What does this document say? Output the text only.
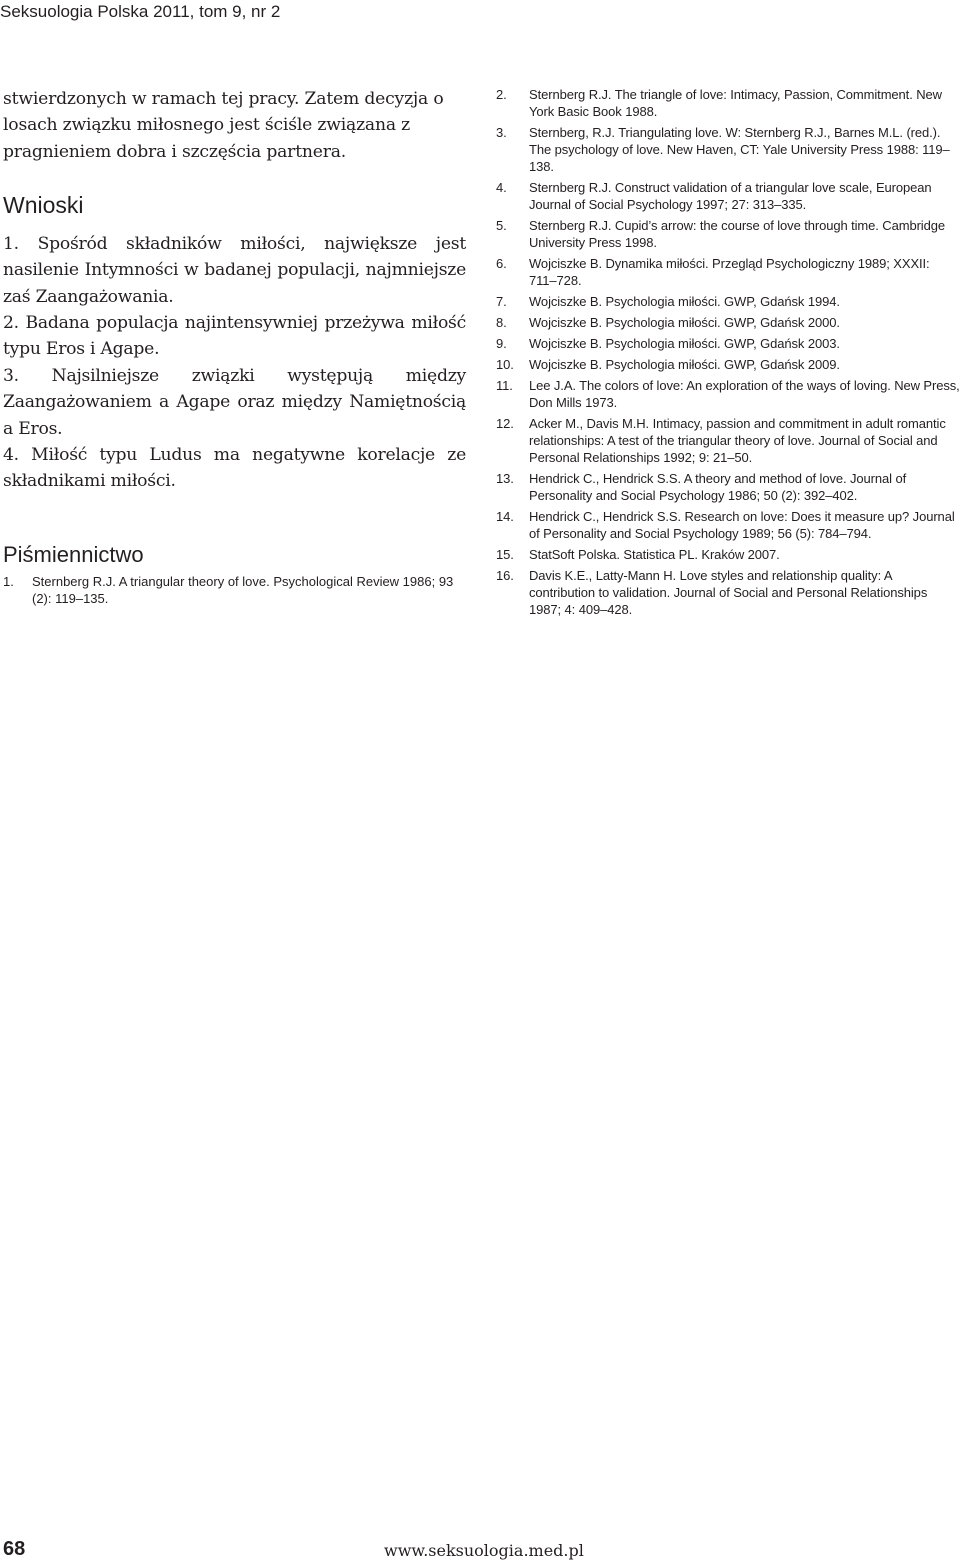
Seksuologia Polska 2011, tom 9, nr 2

stwierdzonych w ramach tej pracy. Zatem decyzja o losach związku miłosnego jest ściśle związana z pragnieniem dobra i szczęścia partnera.

Wnioski
1. Spośród składników miłości, największe jest nasilenie Intymności w badanej populacji, najmniejsze zaś Zaangażowania.
2. Badana populacja najintensywniej przeżywa miłość typu Eros i Agape.
3. Najsilniejsze związki występują między Zaangażowaniem a Agape oraz między Namiętnością a Eros.
4. Miłość typu Ludus ma negatywne korelacje ze składnikami miłości.
Piśmiennictwo
1.	Sternberg R.J. A triangular theory of love. Psychological Review 1986; 93 (2): 119–135.
2.	Sternberg R.J. The triangle of love: Intimacy, Passion, Commitment. New York Basic Book 1988.
3.	Sternberg, R.J. Triangulating love. W: Sternberg R.J., Barnes M.L. (red.). The psychology of love. New Haven, CT: Yale University Press 1988: 119–138.
4.	Sternberg R.J. Construct validation of a triangular love scale, European Journal of Social Psychology 1997; 27: 313–335.
5.	Sternberg R.J. Cupid’s arrow: the course of love through time. Cambridge University Press 1998.
6.	Wojciszke B. Dynamika miłości. Przegląd Psychologiczny 1989; XXXII: 711–728.
7.	Wojciszke B. Psychologia miłości. GWP, Gdańsk 1994.
8.	Wojciszke B. Psychologia miłości. GWP, Gdańsk 2000.
9.	Wojciszke B. Psychologia miłości. GWP, Gdańsk 2003.
10.	Wojciszke B. Psychologia miłości. GWP, Gdańsk 2009.
11.	Lee J.A. The colors of love: An exploration of the ways of loving. New Press, Don Mills 1973.
12.	Acker M., Davis M.H. Intimacy, passion and commitment in adult romantic relationships: A test of the triangular theory of love. Journal of Social and Personal Relationships 1992; 9: 21–50.
13.	Hendrick C., Hendrick S.S. A theory and method of love. Journal of Personality and Social Psychology 1986; 50 (2): 392–402.
14.	Hendrick C., Hendrick S.S. Research on love: Does it measure up? Journal of Personality and Social Psychology 1989; 56 (5): 784–794.
15.	StatSoft Polska. Statistica PL. Kraków 2007.
16.	Davis K.E., Latty-Mann H. Love styles and relationship quality: A contribution to validation. Journal of Social and Personal Relationships 1987; 4: 409–428.
68	www.seksuologia.med.pl
